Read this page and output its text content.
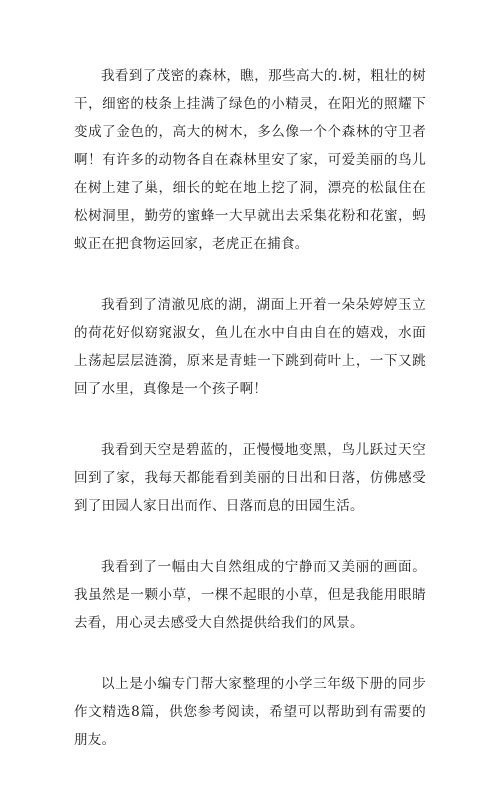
我看到了茂密的森林，瞧，那些高大的.树，粗壮的树干，细密的枝条上挂满了绿色的小精灵，在阳光的照耀下变成了金色的，高大的树木，多么像一个个森林的守卫者啊！有许多的动物各自在森林里安了家，可爱美丽的鸟儿在树上建了巢，细长的蛇在地上挖了洞，漂亮的松鼠住在松树洞里，勤劳的蜜蜂一大早就出去采集花粉和花蜜，蚂蚁正在把食物运回家，老虎正在捕食。

我看到了清澈见底的湖，湖面上开着一朵朵婷婷玉立的荷花好似窈窕淑女，鱼儿在水中自由自在的嬉戏，水面上荡起层层涟漪，原来是青蛙一下跳到荷叶上，一下又跳回了水里，真像是一个孩子啊！

我看到天空是碧蓝的，正慢慢地变黑，鸟儿跃过天空回到了家，我每天都能看到美丽的日出和日落，仿佛感受到了田园人家日出而作、日落而息的田园生活。

我看到了一幅由大自然组成的宁静而又美丽的画面。我虽然是一颗小草，一棵不起眼的小草，但是我能用眼睛去看，用心灵去感受大自然提供给我们的风景。

以上是小编专门帮大家整理的小学三年级下册的同步作文精选8篇，供您参考阅读，希望可以帮助到有需要的朋友。
